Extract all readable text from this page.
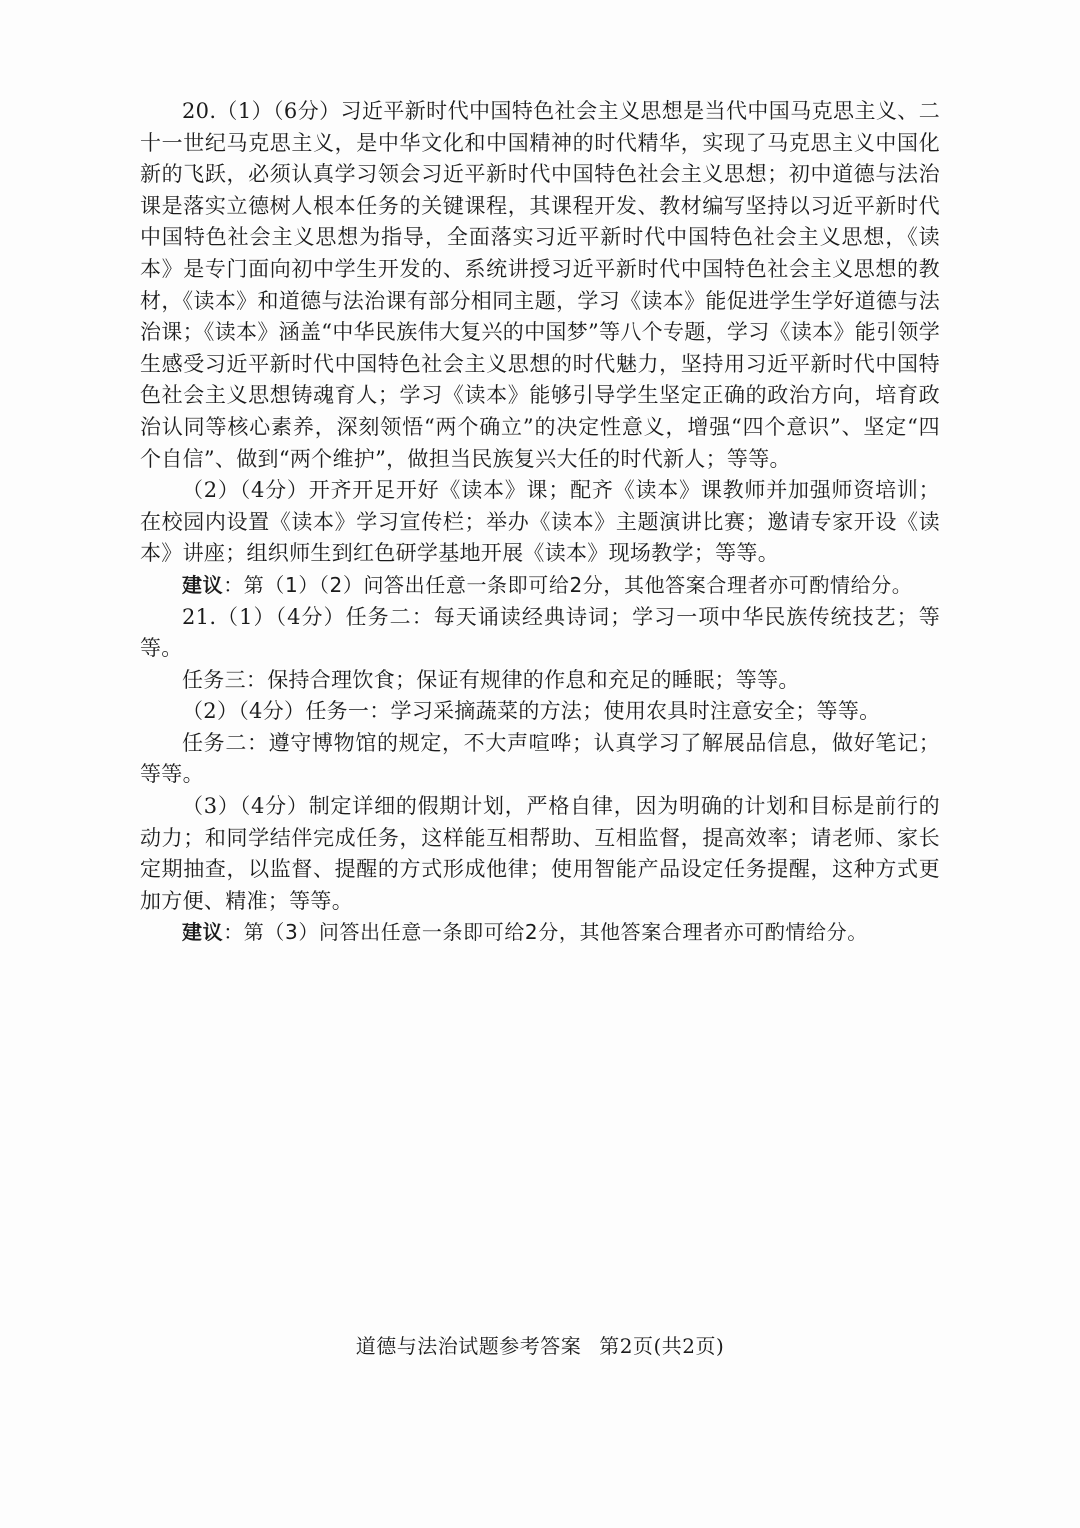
20.（1）（6分）习近平新时代中国特色社会主义思想是当代中国马克思主义、二十一世纪马克思主义，是中华文化和中国精神的时代精华，实现了马克思主义中国化新的飞跃，必须认真学习领会习近平新时代中国特色社会主义思想；初中道德与法治课是落实立德树人根本任务的关键课程，其课程开发、教材编写坚持以习近平新时代中国特色社会主义思想为指导，全面落实习近平新时代中国特色社会主义思想，《读本》是专门面向初中学生开发的、系统讲授习近平新时代中国特色社会主义思想的教材，《读本》和道德与法治课有部分相同主题，学习《读本》能促进学生学好道德与法治课；《读本》涵盖“中华民族伟大复兴的中国梦”等八个专题，学习《读本》能引领学生感受习近平新时代中国特色社会主义思想的时代魅力，坚持用习近平新时代中国特色社会主义思想铸魂育人；学习《读本》能够引导学生坚定正确的政治方向，培育政治认同等核心素养，深刻领悟“两个确立”的决定性意义，增强“四个意识”、坚定“四个自信”、做到“两个维护”，做担当民族复兴大任的时代新人；等等。

（2）（4分）开齐开足开好《读本》课；配齐《读本》课教师并加强师资培训；在校园内设置《读本》学习宣传栏；举办《读本》主题演讲比赛；邀请专家开设《读本》讲座；组织师生到红色研学基地开展《读本》现场教学；等等。

建议：第（1）（2）问答出任意一条即可给2分，其他答案合理者亦可酌情给分。

21.（1）（4分）任务二：每天诵读经典诗词；学习一项中华民族传统技艺；等等。

任务三：保持合理饮食；保证有规律的作息和充足的睡眠；等等。

（2）（4分）任务一：学习采摘蔬菜的方法；使用农具时注意安全；等等。

任务二：遵守博物馆的规定，不大声喧哗；认真学习了解展品信息，做好笔记；等等。

（3）（4分）制定详细的假期计划，严格自律，因为明确的计划和目标是前行的动力；和同学结伴完成任务，这样能互相帮助、互相监督，提高效率；请老师、家长定期抽查，以监督、提醒的方式形成他律；使用智能产品设定任务提醒，这种方式更加方便、精准；等等。

建议：第（3）问答出任意一条即可给2分，其他答案合理者亦可酌情给分。

道德与法治试题参考答案 第2页(共2页)
